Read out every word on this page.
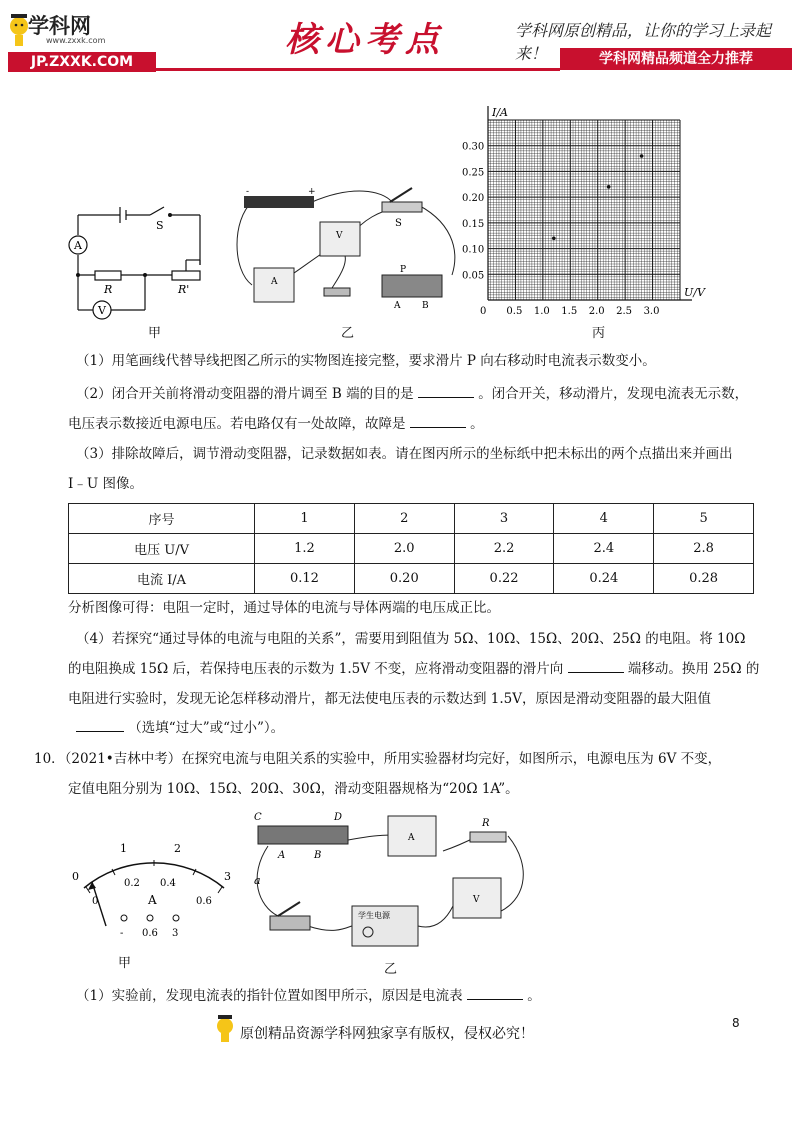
学科网
www.zxxk.com
JP.ZXXK.COM
核心考点	学科网原创精品，让你的学习上录起来！	学科网精品频道全力推荐
A
S
R	R'
V
甲
-	+
S
V
A
P
A B
乙
U/V
I/A
0 0.5 1.0 1.5 2.0 2.5 3.0
0.05
0.10
0.15
0.20
0.25
0.30
丙
（1）用笔画线代替导线把图乙所示的实物图连接完整，要求滑片 P 向右移动时电流表示数变小。
（2）闭合开关前将滑动变阻器的滑片调至 B 端的目的是	。闭合开关，移动滑片，发现电流表无示数，
电压表示数接近电源电压。若电路仅有一处故障，故障是	。
（3）排除故障后，调节滑动变阻器，记录数据如表。请在图丙所示的坐标纸中把未标出的两个点描出来并画出
I﹣U 图像。
序号	1	2	3	4	5
电压 U/V	1.2	2.0	2.2	2.4	2.8
电流 I/A	0.12	0.20	0.22	0.24	0.28
分析图像可得：电阻一定时，通过导体的电流与导体两端的电压成正比。
（4）若探究“通过导体的电流与电阻的关系”，需要用到阻值为 5Ω、10Ω、15Ω、20Ω、25Ω 的电阻。将 10Ω
的电阻换成 15Ω 后，若保持电压表的示数为 1.5V 不变，应将滑动变阻器的滑片向	端移动。换用 25Ω 的
电阻进行实验时，发现无论怎样移动滑片，都无法使电压表的示数达到 1.5V，原因是滑动变阻器的最大阻值
（选填“过大”或“过小”）。
10．（2021•吉林中考）在探究电流与电阻关系的实验中，所用实验器材均完好，如图所示，电源电压为 6V 不变，
定值电阻分别为 10Ω、15Ω、20Ω、30Ω，滑动变阻器规格为“20Ω 1A”。
0
1	2
3
0
0.2 0.4
0.6
A
- 0.6 3
甲
C	D
A	B
a
A
R
V
学生电源
乙
（1）实验前，发现电流表的指针位置如图甲所示，原因是电流表	。
原创精品资源学科网独家享有版权，侵权必究！
8
